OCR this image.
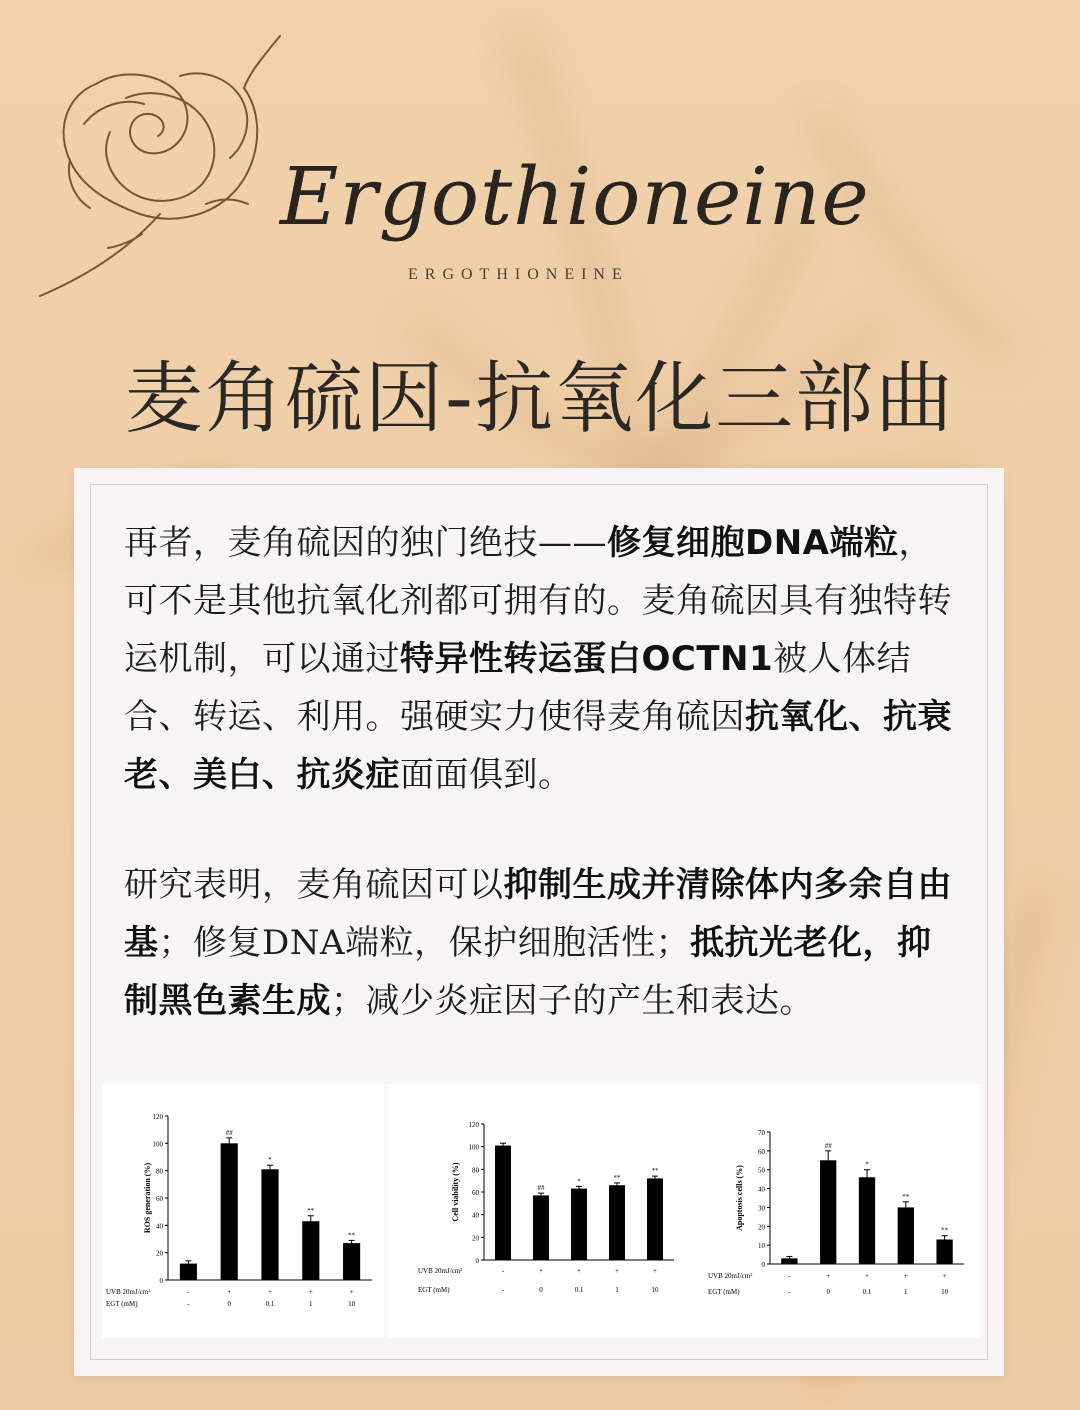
Ergothioneine
ERGOTHIONEINE
麦角硫因-抗氧化三部曲
再者，麦角硫因的独门绝技——修复细胞DNA端粒，可不是其他抗氧化剂都可拥有的。麦角硫因具有独特转运机制，可以通过特异性转运蛋白OCTN1被人体结合、转运、利用。强硬实力使得麦角硫因抗氧化、抗衰老、美白、抗炎症面面俱到。
研究表明，麦角硫因可以抑制生成并清除体内多余自由基；修复DNA端粒，保护细胞活性；抵抗光老化，抑制黑色素生成；减少炎症因子的产生和表达。
0
20
40
60
80
100
120
ROS generation (%)
-
-
##
+
0
*
+
0.1
**
+
1
**
+
10
UVB 20mJ/cm²
EGT (mM)
0
20
40
60
80
100
120
Cell viability (%)
-
-
##
+
0
*
+
0.1
**
+
1
**
+
10
UVB 20mJ/cm²
EGT (mM)
0
10
20
30
40
50
60
70
Apoptosis cells (%)
-
-
##
+
0
*
+
0.1
**
+
1
**
+
10
UVB 20mJ/cm²
EGT (mM)
